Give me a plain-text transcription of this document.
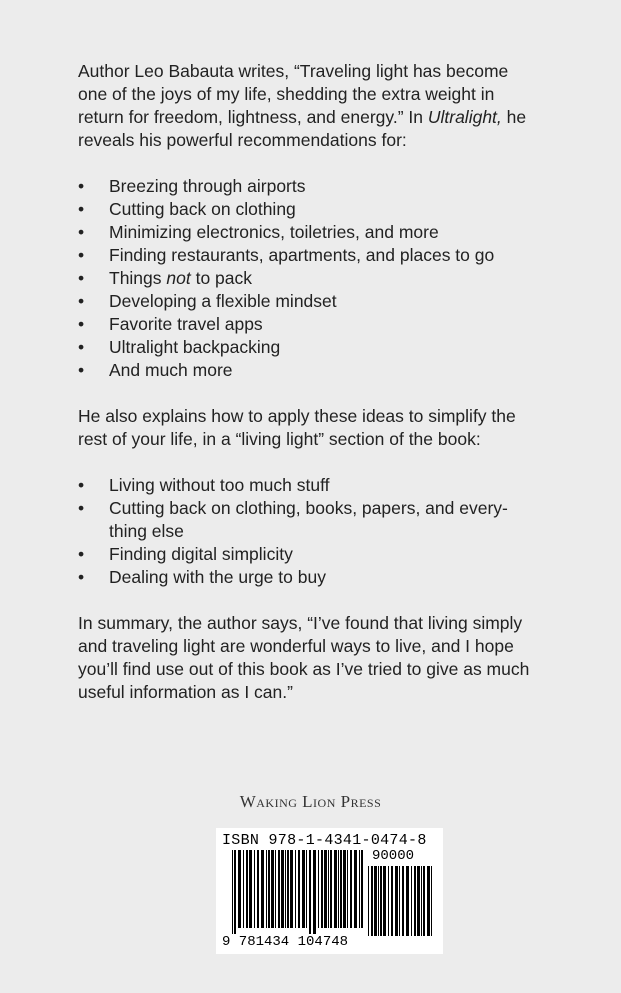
Author Leo Babauta writes, “Traveling light has become
one of the joys of my life, shedding the extra weight in
return for freedom, lightness, and energy.” In Ultralight, he
reveals his powerful recommendations for:

• Breezing through airports
• Cutting back on clothing
• Minimizing electronics, toiletries, and more
• Finding restaurants, apartments, and places to go
• Things not to pack
• Developing a flexible mindset
• Favorite travel apps
• Ultralight backpacking
• And much more

He also explains how to apply these ideas to simplify the
rest of your life, in a “living light” section of the book:

• Living without too much stuff
• Cutting back on clothing, books, papers, and every-
thing else
• Finding digital simplicity
• Dealing with the urge to buy

In summary, the author says, “I’ve found that living simply
and traveling light are wonderful ways to live, and I hope
you’ll find use out of this book as I’ve tried to give as much
useful information as I can.”

Waking Lion Press
ISBN 978-1-4341-0474-8
90000
9 781434 104748
